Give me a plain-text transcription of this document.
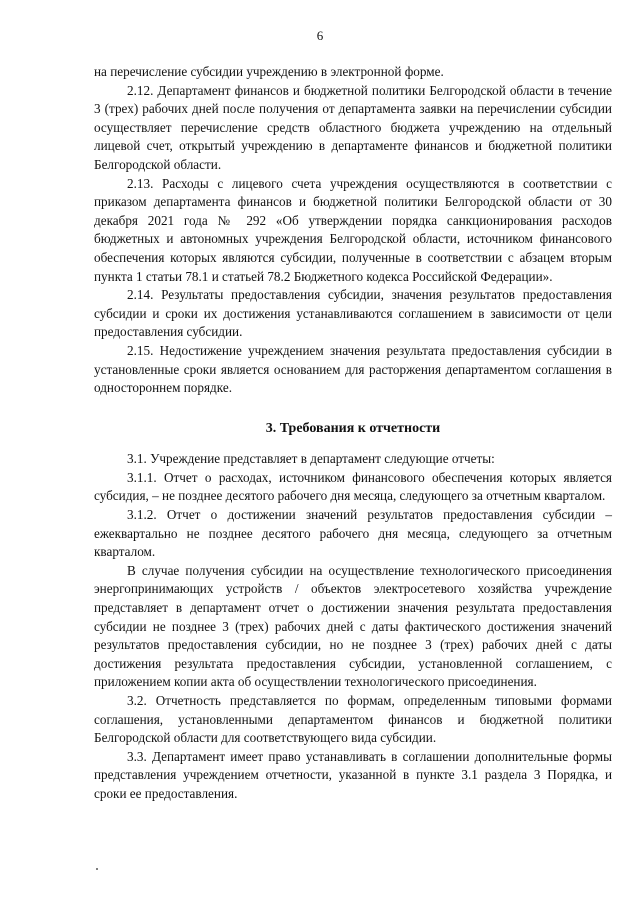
6

на перечисление субсидии учреждению в электронной форме.

2.12. Департамент финансов и бюджетной политики Белгородской области в течение 3 (трех) рабочих дней после получения от департамента заявки на перечислении субсидии осуществляет перечисление средств областного бюджета учреждению на отдельный лицевой счет, открытый учреждению в департаменте финансов и бюджетной политики Белгородской области.

2.13. Расходы с лицевого счета учреждения осуществляются в соответствии с приказом департамента финансов и бюджетной политики Белгородской области от 30 декабря 2021 года № 292 «Об утверждении порядка санкционирования расходов бюджетных и автономных учреждения Белгородской области, источником финансового обеспечения которых являются субсидии, полученные в соответствии с абзацем вторым пункта 1 статьи 78.1 и статьей 78.2 Бюджетного кодекса Российской Федерации».

2.14. Результаты предоставления субсидии, значения результатов предоставления субсидии и сроки их достижения устанавливаются соглашением в зависимости от цели предоставления субсидии.

2.15. Недостижение учреждением значения результата предоставления субсидии в установленные сроки является основанием для расторжения департаментом соглашения в одностороннем порядке.

3. Требования к отчетности

3.1. Учреждение представляет в департамент следующие отчеты:

3.1.1. Отчет о расходах, источником финансового обеспечения которых является субсидия, – не позднее десятого рабочего дня месяца, следующего за отчетным кварталом.

3.1.2. Отчет о достижении значений результатов предоставления субсидии – ежеквартально не позднее десятого рабочего дня месяца, следующего за отчетным кварталом.

В случае получения субсидии на осуществление технологического присоединения энергопринимающих устройств / объектов электросетевого хозяйства учреждение представляет в департамент отчет о достижении значения результата предоставления субсидии не позднее 3 (трех) рабочих дней с даты фактического достижения значений результатов предоставления субсидии, но не позднее 3 (трех) рабочих дней с даты достижения результата предоставления субсидии, установленной соглашением, с приложением копии акта об осуществлении технологического присоединения.

3.2. Отчетность представляется по формам, определенным типовыми формами соглашения, установленными департаментом финансов и бюджетной политики Белгородской области для соответствующего вида субсидии.

3.3. Департамент имеет право устанавливать в соглашении дополнительные формы представления учреждением отчетности, указанной в пункте 3.1 раздела 3 Порядка, и сроки ее предоставления.
